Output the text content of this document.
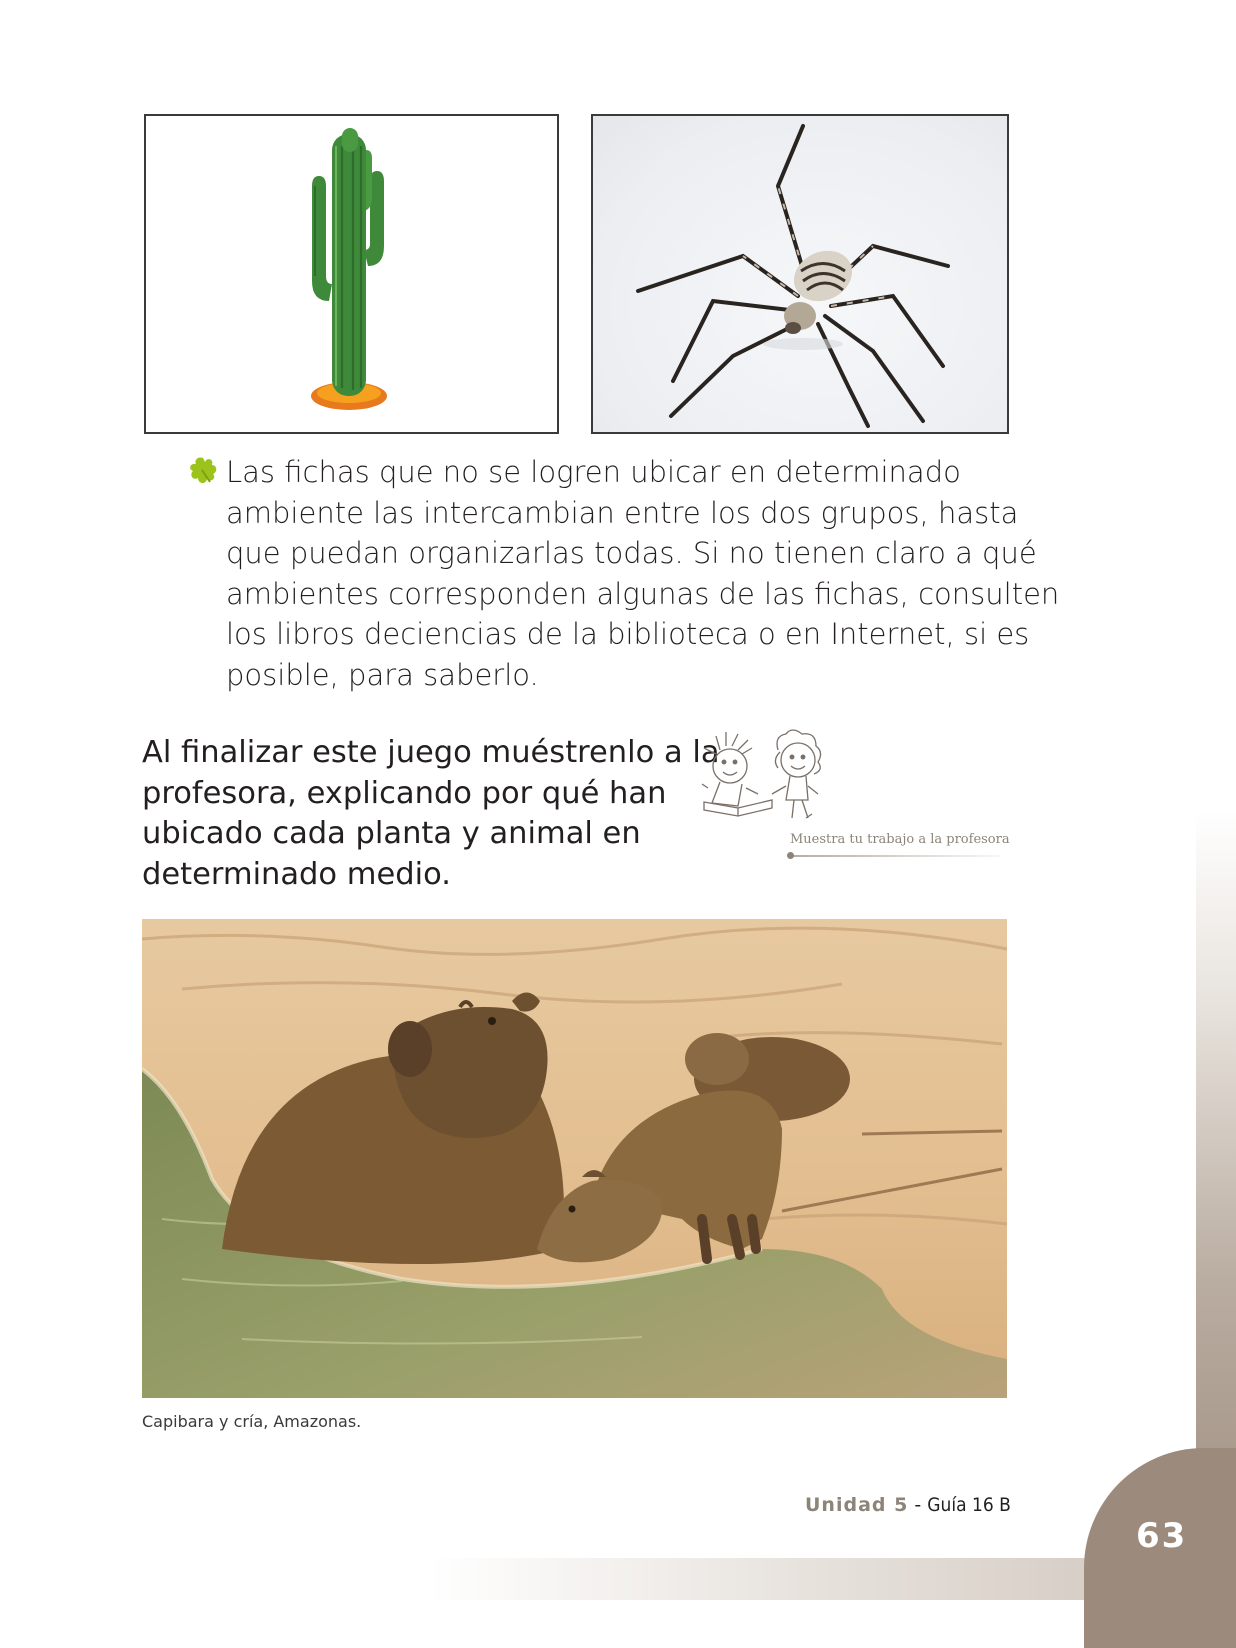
63
Las fichas que no se logren ubicar en determinado
ambiente las intercambian entre los dos grupos, hasta
que puedan organizarlas todas. Si no tienen claro a qué
ambientes corresponden algunas de las fichas, consulten
los libros deciencias de la biblioteca o en Internet, si es
posible, para saberlo.
Al finalizar este juego muéstrenlo a la
profesora, explicando por qué han
ubicado cada planta y animal en
determinado medio.
Muestra tu trabajo a la profesora
Capibara y cría, Amazonas.
Unidad 5 - Guía 16 B
